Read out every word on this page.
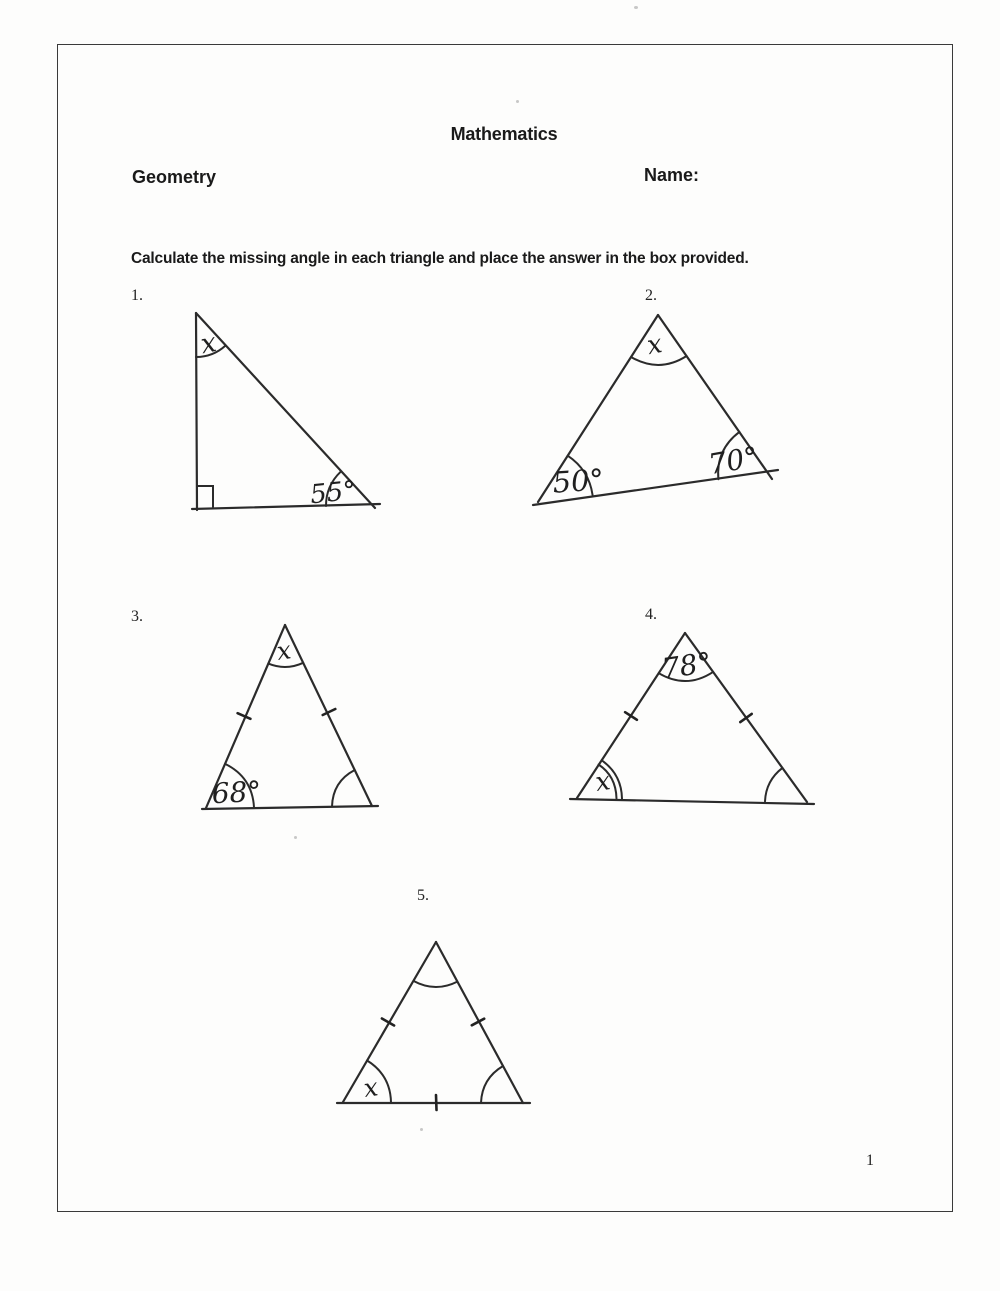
Mathematics
Geometry	Name:
Calculate the missing angle in each triangle and place the answer in the box provided.
1.	2.
3.	4.
5.
x
55°
x
50°	70°
x
68°
78°
x
x
1
